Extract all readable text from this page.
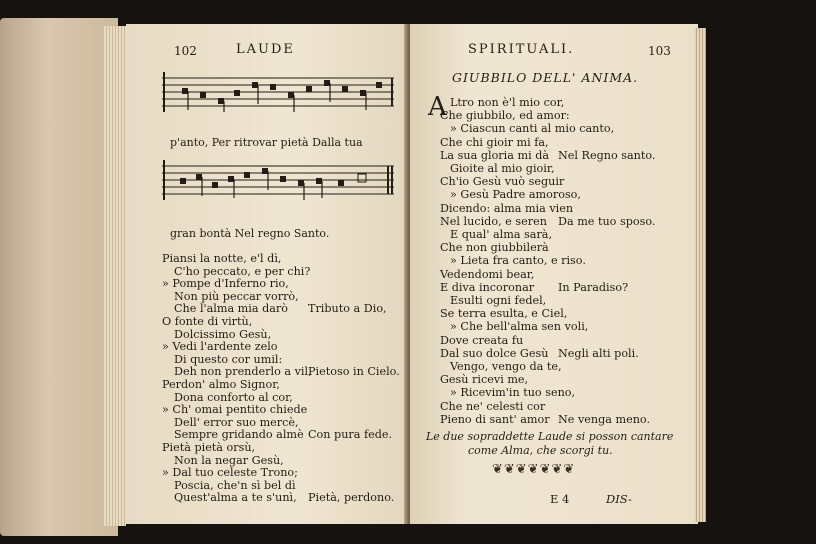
102	LAUDE
p'anto, Per ritrovar pietà Dalla tua
gran bontà Nel regno Santo.
Piansi la notte, e'l dì,
C'ho peccato, e per chi?
» Pompe d'Inferno rio,
Non più peccar vorrò,
Che l'alma mia darò Tributo a Dio,
O fonte di virtù,
Dolcissimo Gesù,
» Vedi l'ardente zelo
Di questo cor umil:
Deh non prenderlo a vil,
Pietoso in Cielo.
Perdon' almo Signor,
Dona conforto al cor,
» Ch' omai pentito chiede
Dell' error suo mercè,
Sempre gridando almè Con pura fede.
Pietà pietà orsù,
Non la negar Gesù,
» Dal tuo celeste Trono;
Poscia, che'n sì bel dì
Quest'alma a te s'unì, Pietà, perdono.
SPIRITUALI.	103
GIUBBILO DELL' ANIMA.
A Ltro non è'l mio cor,
Che giubbilo, ed amor:
» Ciascun canti al mio canto,
Che chi gioir mi fa,
La sua gloria mi dà Nel Regno santo.
Gioite al mio gioir,
Ch'io Gesù vuò seguir
» Gesù Padre amoroso,
Dicendo: alma mia vien
Nel lucido, e seren Da me tuo sposo.
E qual' alma sarà,
Che non giubbilerà
» Lieta fra canto, e riso.
Vedendomi bear,
E diva incoronar In Paradiso?
Esulti ogni fedel,
Se terra esulta, e Ciel,
» Che bell'alma sen voli,
Dove creata fu
Dal suo dolce Gesù Negli alti poli.
Vengo, vengo da te,
Gesù ricevi me,
» Ricevim'in tuo seno,
Che ne' celesti cor
Pieno di sant' amor Ne venga meno.
Le due sopraddette Laude si posson cantare
come Alma, che scorgi tu.
❦❦❦❦❦❦❦
E 4	DIS-
